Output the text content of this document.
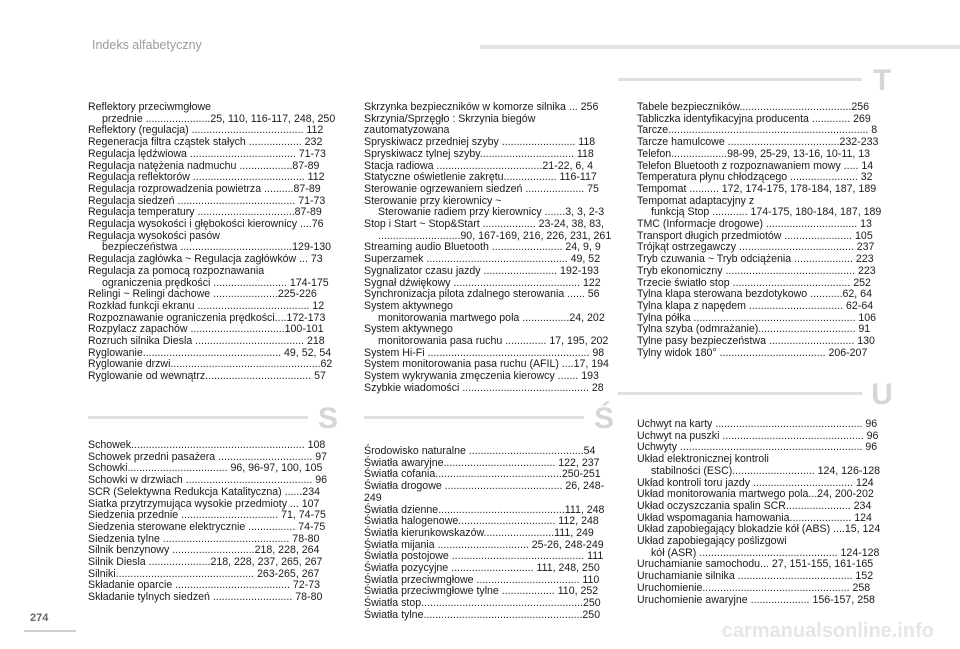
Indeks alfabetyczny
T

Reflektory przeciwmgłowe

przednie ......................25, 110, 116-117, 248, 250

Reflektory (regulacja) ...................................... 112

Regeneracja filtra cząstek stałych .................. 232

Regulacja lędźwiowa .................................... 71-73

Regulacja natężenia nadmuchu ..................87-89

Regulacja reflektorów ...................................... 112

Regulacja rozprowadzenia powietrza ..........87-89

Regulacja siedzeń ........................................ 71-73

Regulacja temperatury .................................87-89

Regulacja wysokości i głębokości kierownicy ....76

Regulacja wysokości pasów

bezpieczeństwa ......................................129-130

Regulacja zagłówka ~ Regulacja zagłówków ... 73

Regulacja za pomocą rozpoznawania

ograniczenia prędkości ......................... 174-175

Relingi ~ Relingi dachowe ......................225-226

Rozkład funkcji ekranu ...................................... 12

Rozpoznawanie ograniczenia prędkości....172-173

Rozpylacz zapachów ................................100-101

Rozruch silnika Diesla ..................................... 218

Ryglowanie............................................... 49, 52, 54

Ryglowanie drzwi...................................................62

Ryglowanie od wewnątrz.................................... 57

S

Schowek........................................................... 108

Schowek przedni pasażera ................................ 97

Schowki.................................. 96, 96-97, 100, 105

Schowki w drzwiach ........................................... 96

SCR (Selektywna Redukcja Katalityczna) ......234

Siatka przytrzymująca wysokie przedmioty ... 107

Siedzenia przednie ................................. 71, 74-75

Siedzenia sterowane elektrycznie ................ 74-75

Siedzenia tylne ........................................... 78-80

Silnik benzynowy ............................218, 228, 264

Silnik Diesla .....................218, 228, 237, 265, 267

Silniki............................................... 263-265, 267

Składanie oparcie ....................................... 72-73

Składanie tylnych siedzeń ........................... 78-80

Skrzynka bezpieczników w komorze silnika ... 256

Skrzynia/Sprzęgło : Skrzynia biegów zautomatyzowana

Spryskiwacz przedniej szyby ......................... 118

Spryskiwacz tylnej szyby................................ 118

Stacja radiowa ....................................21-22, 6, 4

Statyczne oświetlenie zakrętu.................. 116-117

Sterowanie ogrzewaniem siedzeń .................... 75

Sterowanie przy kierownicy ~

Sterowanie radiem przy kierownicy .......3, 3, 2-3

Stop i Start ~ Stop&Start .................. 23-24, 38, 83,

............................90, 167-169, 216, 226, 231, 261

Streaming audio Bluetooth ........................ 24, 9, 9

Superzamek ................................................ 49, 52

Sygnalizator czasu jazdy ......................... 192-193

Sygnał dźwiękowy ........................................... 122

Synchronizacja pilota zdalnego sterowania ...... 56

System aktywnego

monitorowania martwego pola ................24, 202

System aktywnego

monitorowania pasa ruchu .............. 17, 195, 202

System Hi-Fi ....................................................... 98

System monitorowania pasa ruchu (AFIL) ....17, 194

System wykrywania zmęczenia kierowcy ....... 193

Szybkie wiadomości ........................................... 28

Ś

Środowisko naturalne .......................................54

Światła awaryjne...................................... 122, 237

Światła cofania...........................................250-251

Światła drogowe ........................................ 26, 248-249

Światła dzienne...........................................111, 248

Światła halogenowe................................. 112, 248

Światła kierunkowskazów........................111, 249

Światła mijania ............................... 25-26, 248-249

Światła postojowe ............................................. 111

Światła pozycyjne ............................ 111, 248, 250

Światła przeciwmgłowe ................................... 110

Światła przeciwmgłowe tylne .................. 110, 252

Światła stop.......................................................250

Światła tylne......................................................250

Tabele bezpieczników......................................256

Tabliczka identyfikacyjna producenta ............. 269

Tarcze.................................................................... 8

Tarcze hamulcowe ......................................232-233

Telefon...................98-99, 25-29, 13-16, 10-11, 13

Telefon Bluetooth z rozpoznawaniem mowy ..... 14

Temperatura płynu chłodzącego ....................... 32

Tempomat .......... 172, 174-175, 178-184, 187, 189

Tempomat adaptacyjny z

funkcją Stop ............ 174-175, 180-184, 187, 189

TMC (Informacje drogowe) ............................... 13

Transport długich przedmiotów ....................... 105

Trójkąt ostrzegawczy ....................................... 237

Tryb czuwania ~ Tryb odciążenia .................... 223

Tryb ekonomiczny ............................................ 223

Trzecie światło stop ........................................ 252

Tylna klapa sterowana bezdotykowo ...........62, 64

Tylna klapa z napędem ................................ 62-64

Tylna półka ....................................................... 106

Tylna szyba (odmrażanie)................................. 91

Tylne pasy bezpieczeństwa ............................. 130

Tylny widok 180° .................................... 206-207

U

Uchwyt na karty .................................................. 96

Uchwyt na puszki ................................................ 96

Uchwyty .............................................................. 96

Układ elektronicznej kontroli

stabilności (ESC)............................ 124, 126-128

Układ kontroli toru jazdy .................................. 124

Układ monitorowania martwego pola...24, 200-202

Układ oczyszczania spalin SCR...................... 234

Układ wspomagania hamowania..................... 124

Układ zapobiegający blokadzie kół (ABS) ....15, 124

Układ zapobiegający poślizgowi

kół (ASR) ............................................... 124-128

Uruchamianie samochodu... 27, 151-155, 161-165

Uruchamianie silnika ....................................... 152

Uruchomienie.................................................. 258

Uruchomienie awaryjne .................... 156-157, 258

274
carmanualsonline.info
